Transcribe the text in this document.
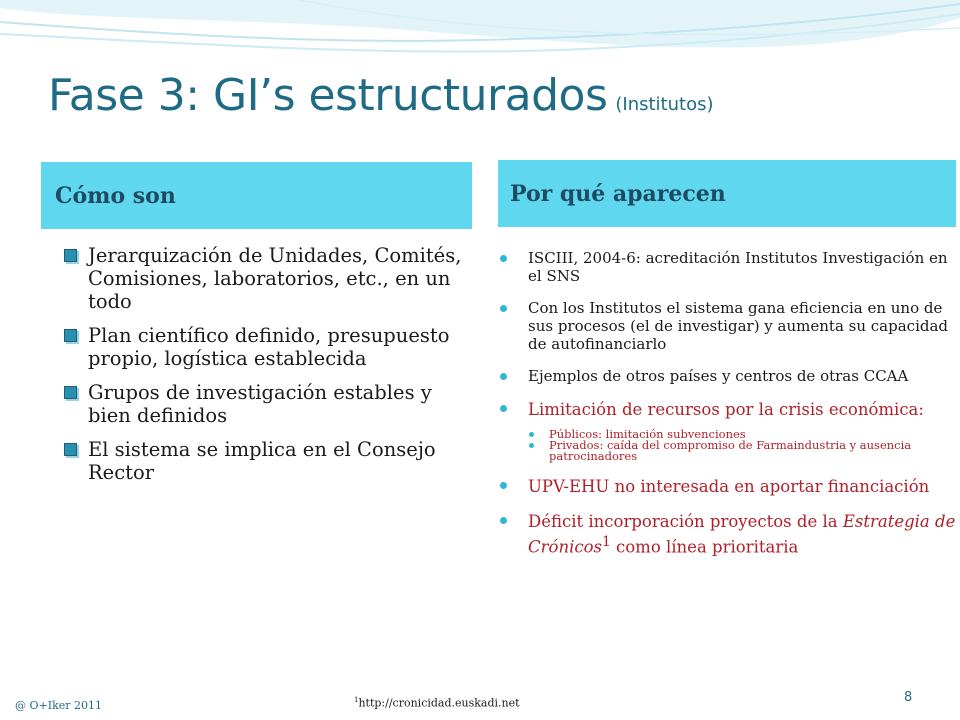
Fase 3: GI’s estructurados (Institutos)
Cómo son	Por qué aparecen
Jerarquización de Unidades, Comités, Comisiones, laboratorios, etc., en un todo
Plan científico definido, presupuesto propio, logística establecida
Grupos de investigación estables y bien definidos
El sistema se implica en el Consejo Rector
ISCIII, 2004-6: acreditación Institutos Investigación en el SNS
Con los Institutos el sistema gana eficiencia en uno de sus procesos (el de investigar) y aumenta su capacidad de autofinanciarlo
Ejemplos de otros países y centros de otras CCAA
Limitación de recursos por la crisis económica:
Públicos: limitación subvenciones
Privados: caída del compromiso de Farmaindustria y ausencia patrocinadores
UPV-EHU no interesada en aportar financiación
Déficit incorporación proyectos de la Estrategia de Crónicos$^1$ como línea prioritaria
@ O+Iker 2011	$^1$http://cronicidad.euskadi.net	8
